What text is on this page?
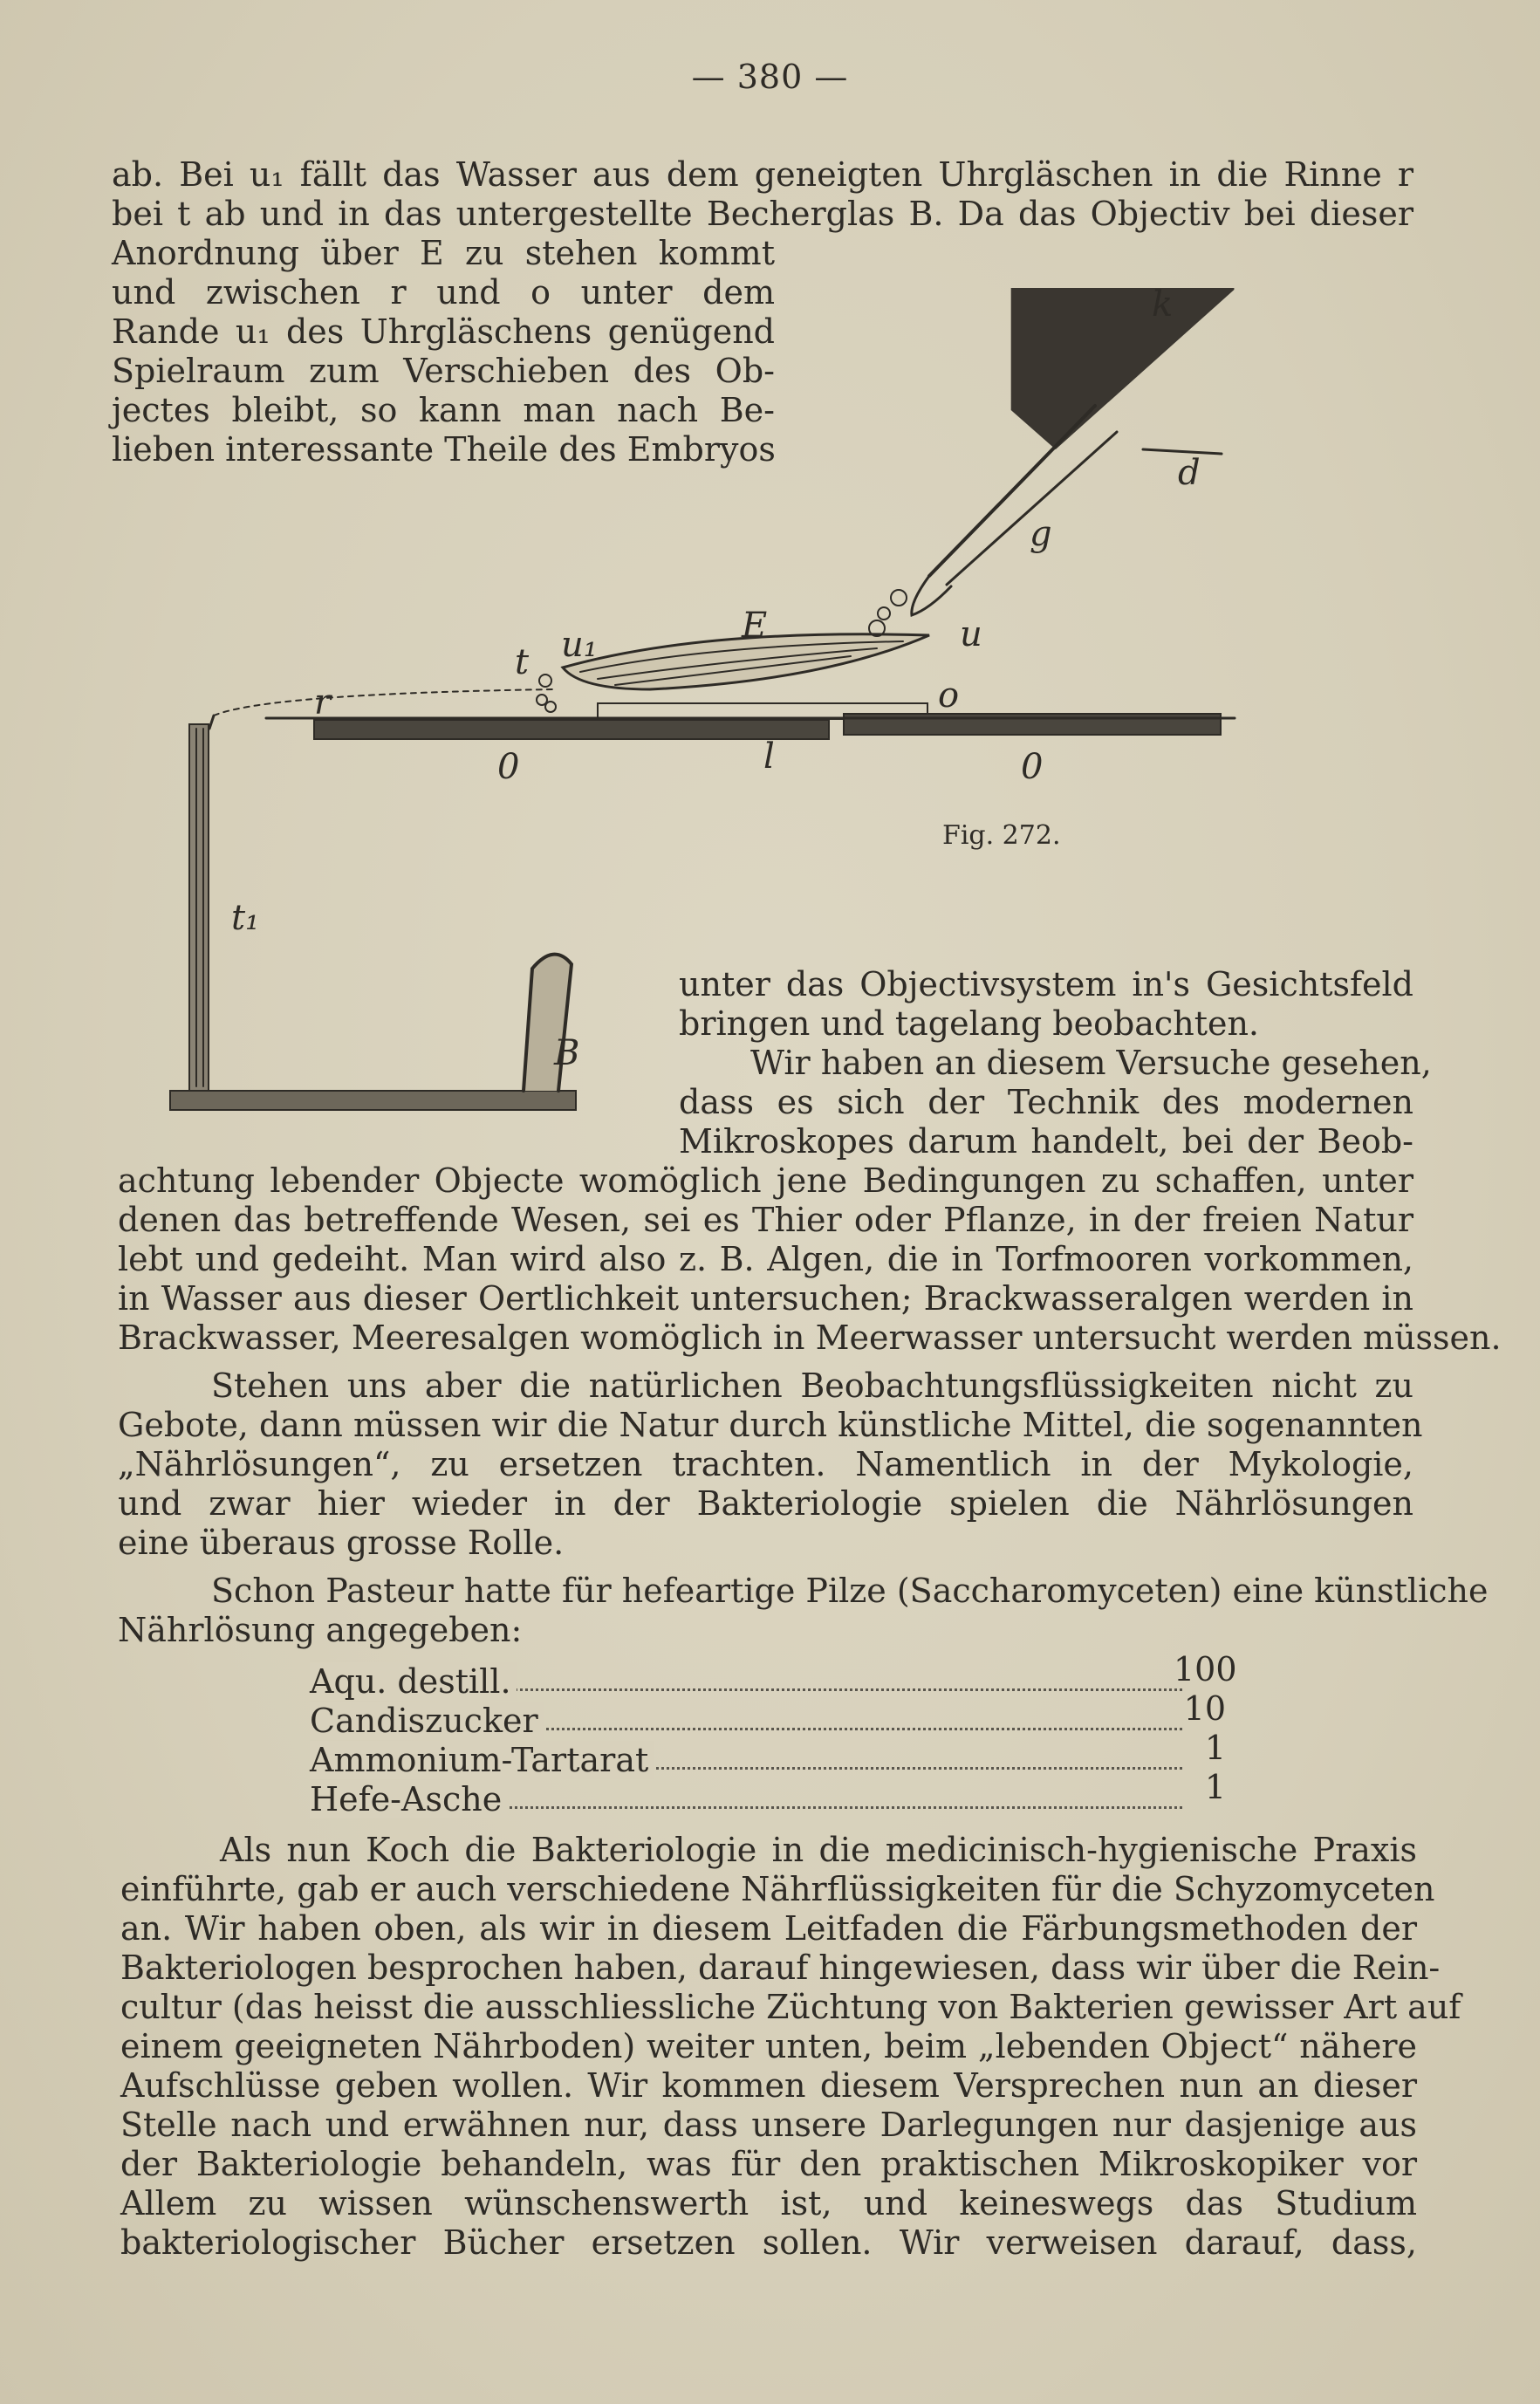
— 380 —
ab. Bei u₁ fällt das Wasser aus dem geneigten Uhrgläschen in die Rinne r
bei t ab und in das untergestellte Becherglas B. Da das Objectiv bei dieser
Anordnung über E zu stehen kommt
und zwischen r und o unter dem
Rande u₁ des Uhrgläschens genügend
Spielraum zum Verschieben des Ob-
jectes bleibt, so kann man nach Be-
lieben interessante Theile des Embryos
k
d
g
E	u
u₁
t
r	o
l
0	0
t₁
B
Fig. 272.
unter das Objectivsystem in's Gesichtsfeld
bringen und tagelang beobachten.
Wir haben an diesem Versuche gesehen,
dass es sich der Technik des modernen
Mikroskopes darum handelt, bei der Beob-
achtung lebender Objecte womöglich jene Bedingungen zu schaffen, unter
denen das betreffende Wesen, sei es Thier oder Pflanze, in der freien Natur
lebt und gedeiht. Man wird also z. B. Algen, die in Torfmooren vorkommen,
in Wasser aus dieser Oertlichkeit untersuchen; Brackwasseralgen werden in
Brackwasser, Meeresalgen womöglich in Meerwasser untersucht werden müssen.
Stehen uns aber die natürlichen Beobachtungsflüssigkeiten nicht zu
Gebote, dann müssen wir die Natur durch künstliche Mittel, die sogenannten
„Nährlösungen“, zu ersetzen trachten. Namentlich in der Mykologie,
und zwar hier wieder in der Bakteriologie spielen die Nährlösungen
eine überaus grosse Rolle.
Schon Pasteur hatte für hefeartige Pilze (Saccharomyceten) eine künstliche
Nährlösung angegeben:
Aqu. destill.	100
Candiszucker	10
Ammonium-Tartarat	1
Hefe-Asche	1
Als nun Koch die Bakteriologie in die medicinisch-hygienische Praxis
einführte, gab er auch verschiedene Nährflüssigkeiten für die Schyzomyceten
an. Wir haben oben, als wir in diesem Leitfaden die Färbungsmethoden der
Bakteriologen besprochen haben, darauf hingewiesen, dass wir über die Rein-
cultur (das heisst die ausschliessliche Züchtung von Bakterien gewisser Art auf
einem geeigneten Nährboden) weiter unten, beim „lebenden Object“ nähere
Aufschlüsse geben wollen. Wir kommen diesem Versprechen nun an dieser
Stelle nach und erwähnen nur, dass unsere Darlegungen nur dasjenige aus
der Bakteriologie behandeln, was für den praktischen Mikroskopiker vor
Allem zu wissen wünschenswerth ist, und keineswegs das Studium
bakteriologischer Bücher ersetzen sollen. Wir verweisen darauf, dass,
